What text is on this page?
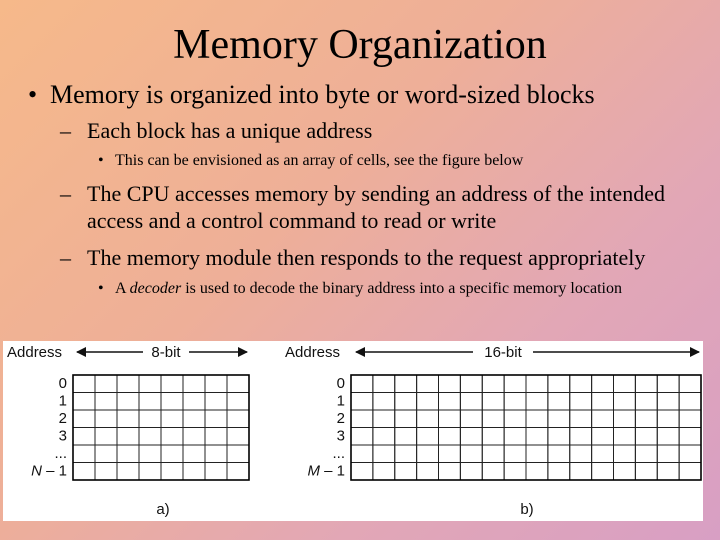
Memory Organization
• Memory is organized into byte or word-sized blocks
– Each block has a unique address
• This can be envisioned as an array of cells, see the figure below
– The CPU accesses memory by sending an address of the intended access and a control command to read or write
– The memory module then responds to the request appropriately
• A decoder is used to decode the binary address into a specific memory location
Address	8-bit
0
1
2
3
...
N – 1
a)
Address	16-bit
0
1
2
3
...
M – 1
b)
